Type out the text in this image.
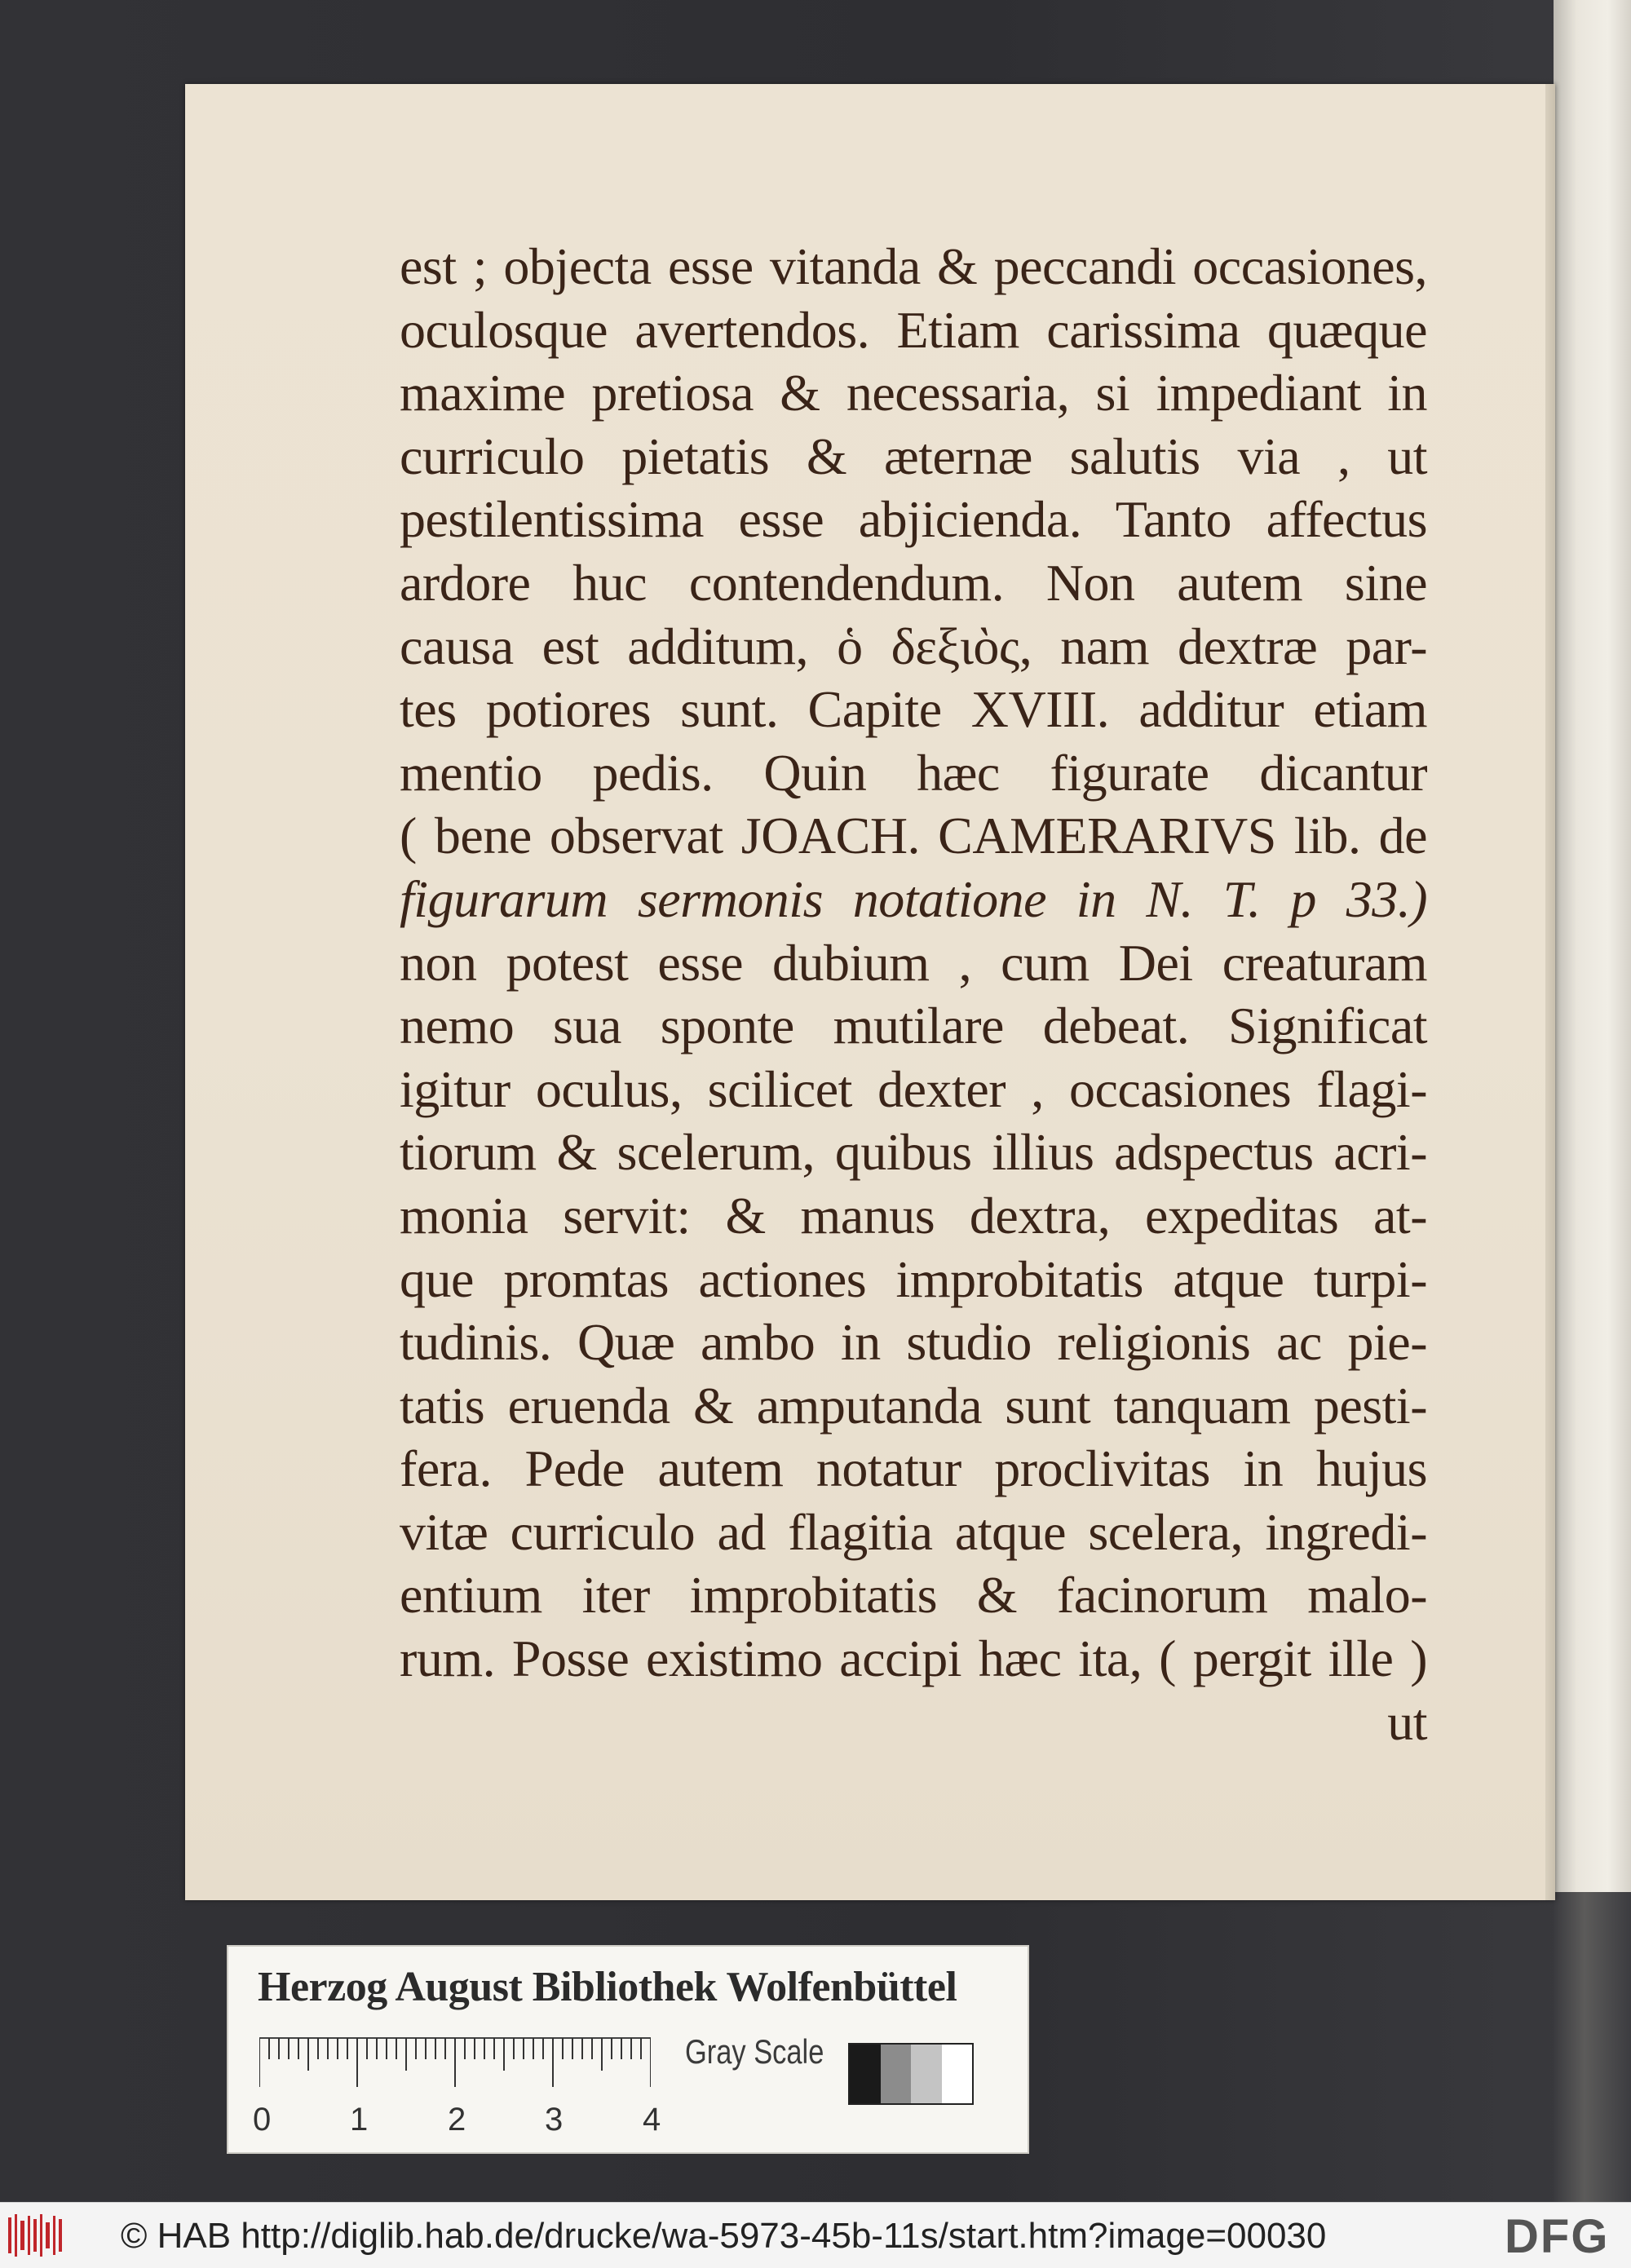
est ; objecta esse vitanda & peccandi occasiones,
oculosque avertendos. Etiam carissima quæque
maxime pretiosa & necessaria, si impediant in
curriculo pietatis & æternæ salutis via , ut
pestilentissima esse abjicienda. Tanto affectus
ardore huc contendendum. Non autem sine
causa est additum, ὁ δεξιὸς, nam dextræ par-
tes potiores sunt. Capite XVIII. additur etiam
mentio pedis. Quin hæc figurate dicantur
( bene observat JOACH. CAMERARIVS lib. de
figurarum sermonis notatione in N. T. p 33.)
non potest esse dubium , cum Dei creaturam
nemo sua sponte mutilare debeat. Significat
igitur oculus, scilicet dexter , occasiones flagi-
tiorum & scelerum, quibus illius adspectus acri-
monia servit: & manus dextra, expeditas at-
que promtas actiones improbitatis atque turpi-
tudinis. Quæ ambo in studio religionis ac pie-
tatis eruenda & amputanda sunt tanquam pesti-
fera. Pede autem notatur proclivitas in hujus
vitæ curriculo ad flagitia atque scelera, ingredi-
entium iter improbitatis & facinorum malo-
rum. Posse existimo accipi hæc ita, ( pergit ille )
ut
Herzog August Bibliothek Wolfenbüttel
0 1 2 3 4
Gray Scale
© HAB http://diglib.hab.de/drucke/wa-5973-45b-11s/start.htm?image=00030	DFG
